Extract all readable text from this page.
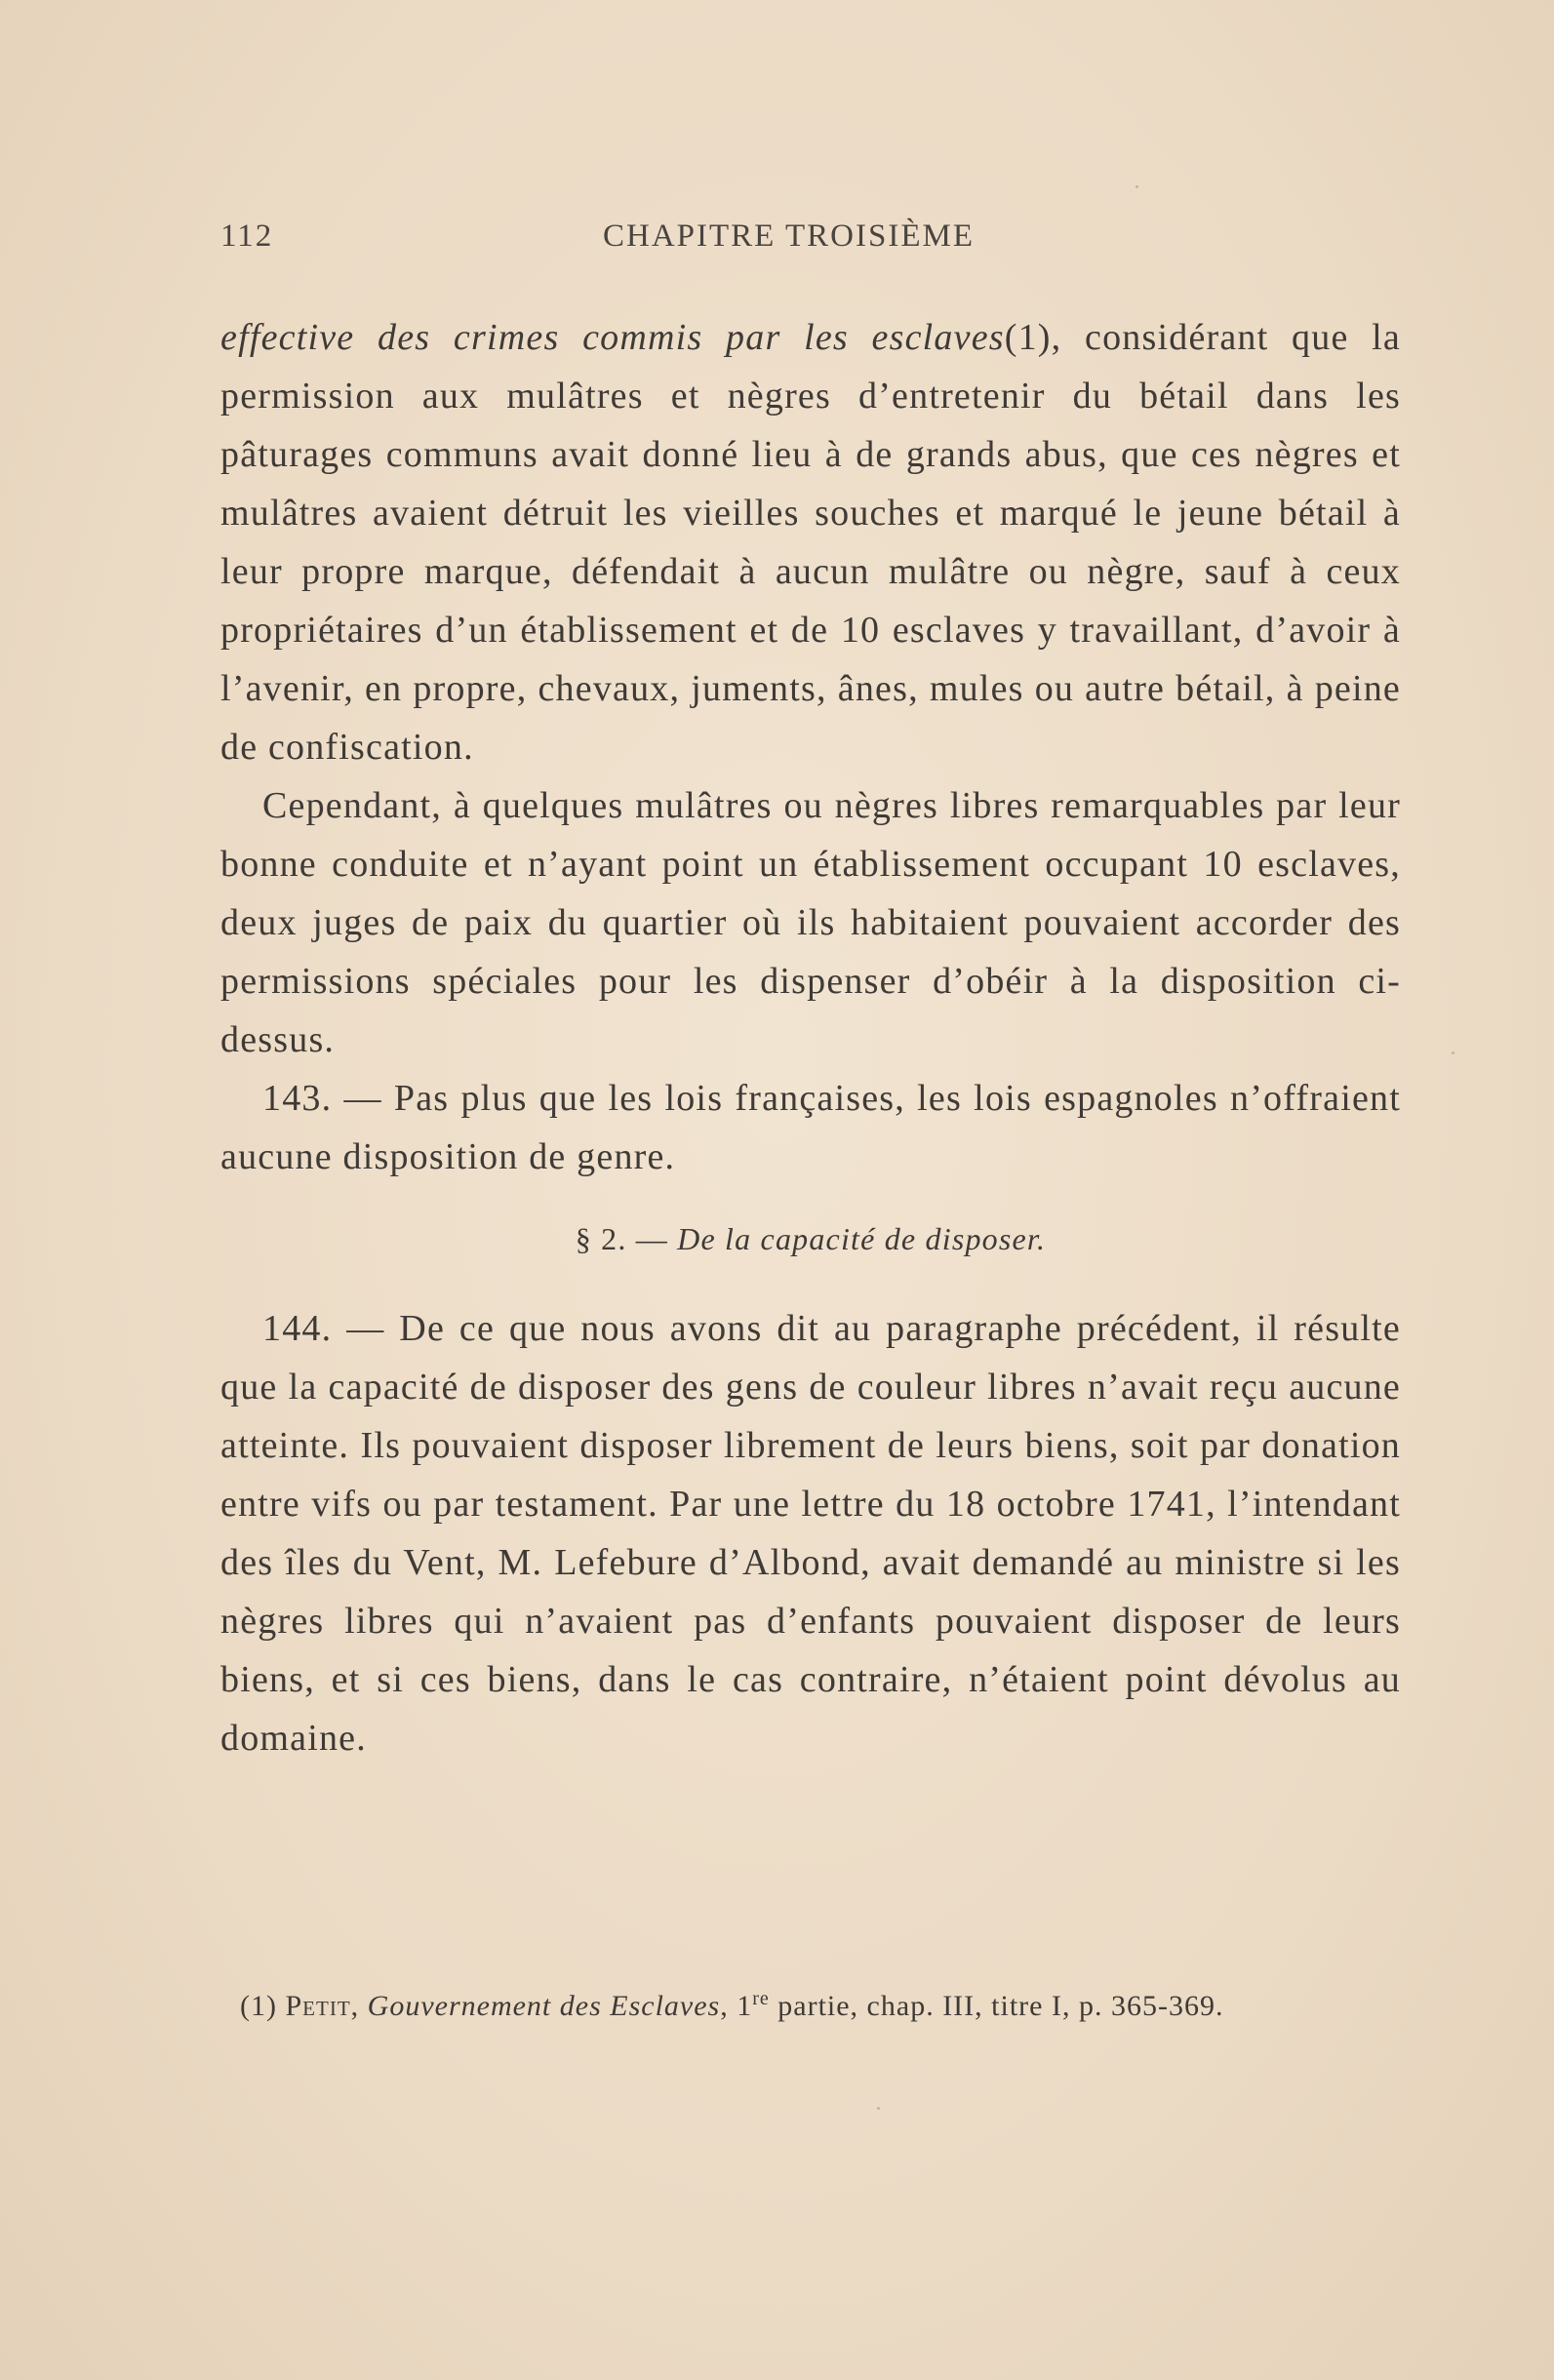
112	CHAPITRE TROISIÈME

effective des crimes commis par les esclaves(1), considérant que la permission aux mulâtres et nègres d’entretenir du bétail dans les pâturages communs avait donné lieu à de grands abus, que ces nègres et mulâtres avaient détruit les vieilles souches et marqué le jeune bétail à leur propre marque, défendait à aucun mulâtre ou nègre, sauf à ceux propriétaires d’un établissement et de 10 esclaves y travaillant, d’avoir à l’avenir, en propre, chevaux, juments, ânes, mules ou autre bétail, à peine de confiscation.

Cependant, à quelques mulâtres ou nègres libres remarquables par leur bonne conduite et n’ayant point un établissement occupant 10 esclaves, deux juges de paix du quartier où ils habitaient pouvaient accorder des permissions spéciales pour les dispenser d’obéir à la disposition ci-dessus.

143. — Pas plus que les lois françaises, les lois espagnoles n’offraient aucune disposition de genre.

§ 2. — De la capacité de disposer.

144. — De ce que nous avons dit au paragraphe précédent, il résulte que la capacité de disposer des gens de couleur libres n’avait reçu aucune atteinte. Ils pouvaient disposer librement de leurs biens, soit par donation entre vifs ou par testament. Par une lettre du 18 octobre 1741, l’intendant des îles du Vent, M. Lefebure d’Albond, avait demandé au ministre si les nègres libres qui n’avaient pas d’enfants pouvaient disposer de leurs biens, et si ces biens, dans le cas contraire, n’étaient point dévolus au domaine.

(1) Petit, Gouvernement des Esclaves, 1re partie, chap. III, titre I, p. 365-369.
